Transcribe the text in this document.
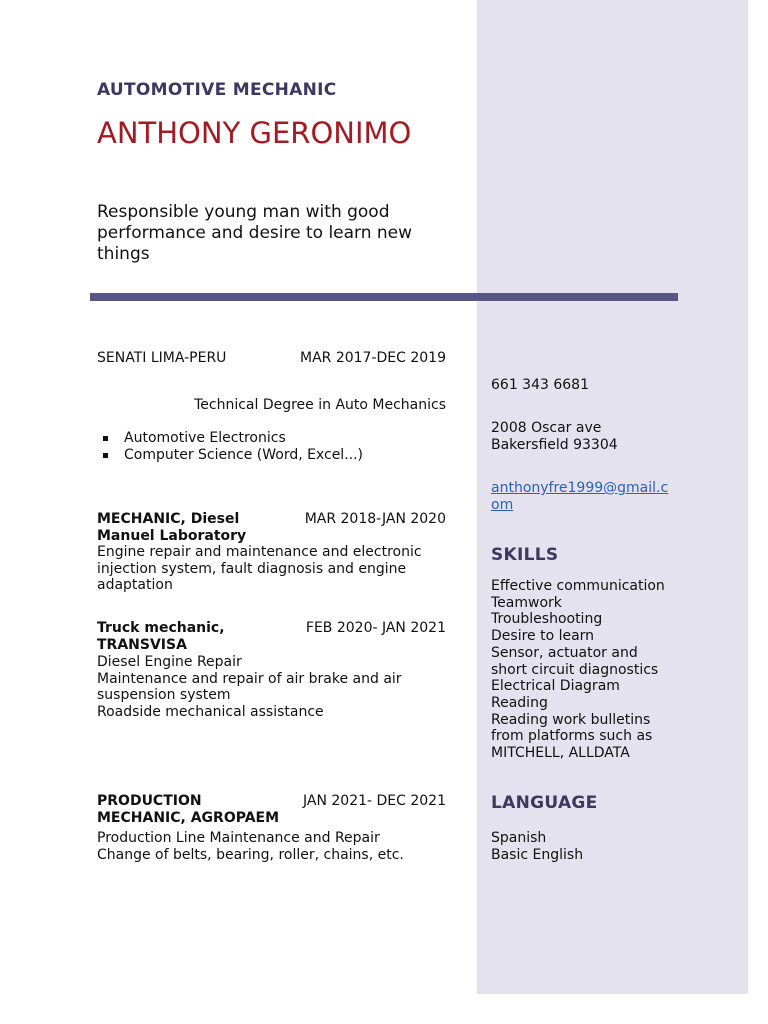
AUTOMOTIVE MECHANIC
ANTHONY GERONIMO

Responsible young man with good performance and desire to learn new things

SENATI LIMA-PERU	MAR 2017-DEC 2019
Technical Degree in Auto Mechanics
Automotive Electronics
Computer Science (Word, Excel...)
MECHANIC, Diesel
Manuel Laboratory
MAR 2018-JAN 2020
Engine repair and maintenance and electronic
injection system, fault diagnosis and engine
adaptation
Truck mechanic,
TRANSVISA
FEB 2020- JAN 2021
Diesel Engine Repair
Maintenance and repair of air brake and air
suspension system
Roadside mechanical assistance
PRODUCTION
MECHANIC, AGROPAEM
JAN 2021- DEC 2021
Production Line Maintenance and Repair
Change of belts, bearing, roller, chains, etc.
661 343 6681
2008 Oscar ave
Bakersfield 93304
anthonyfre1999@gmail.com
SKILLS
Effective communication
Teamwork
Troubleshooting
Desire to learn
Sensor, actuator and
short circuit diagnostics
Electrical Diagram
Reading
Reading work bulletins
from platforms such as
MITCHELL, ALLDATA
LANGUAGE
Spanish
Basic English
